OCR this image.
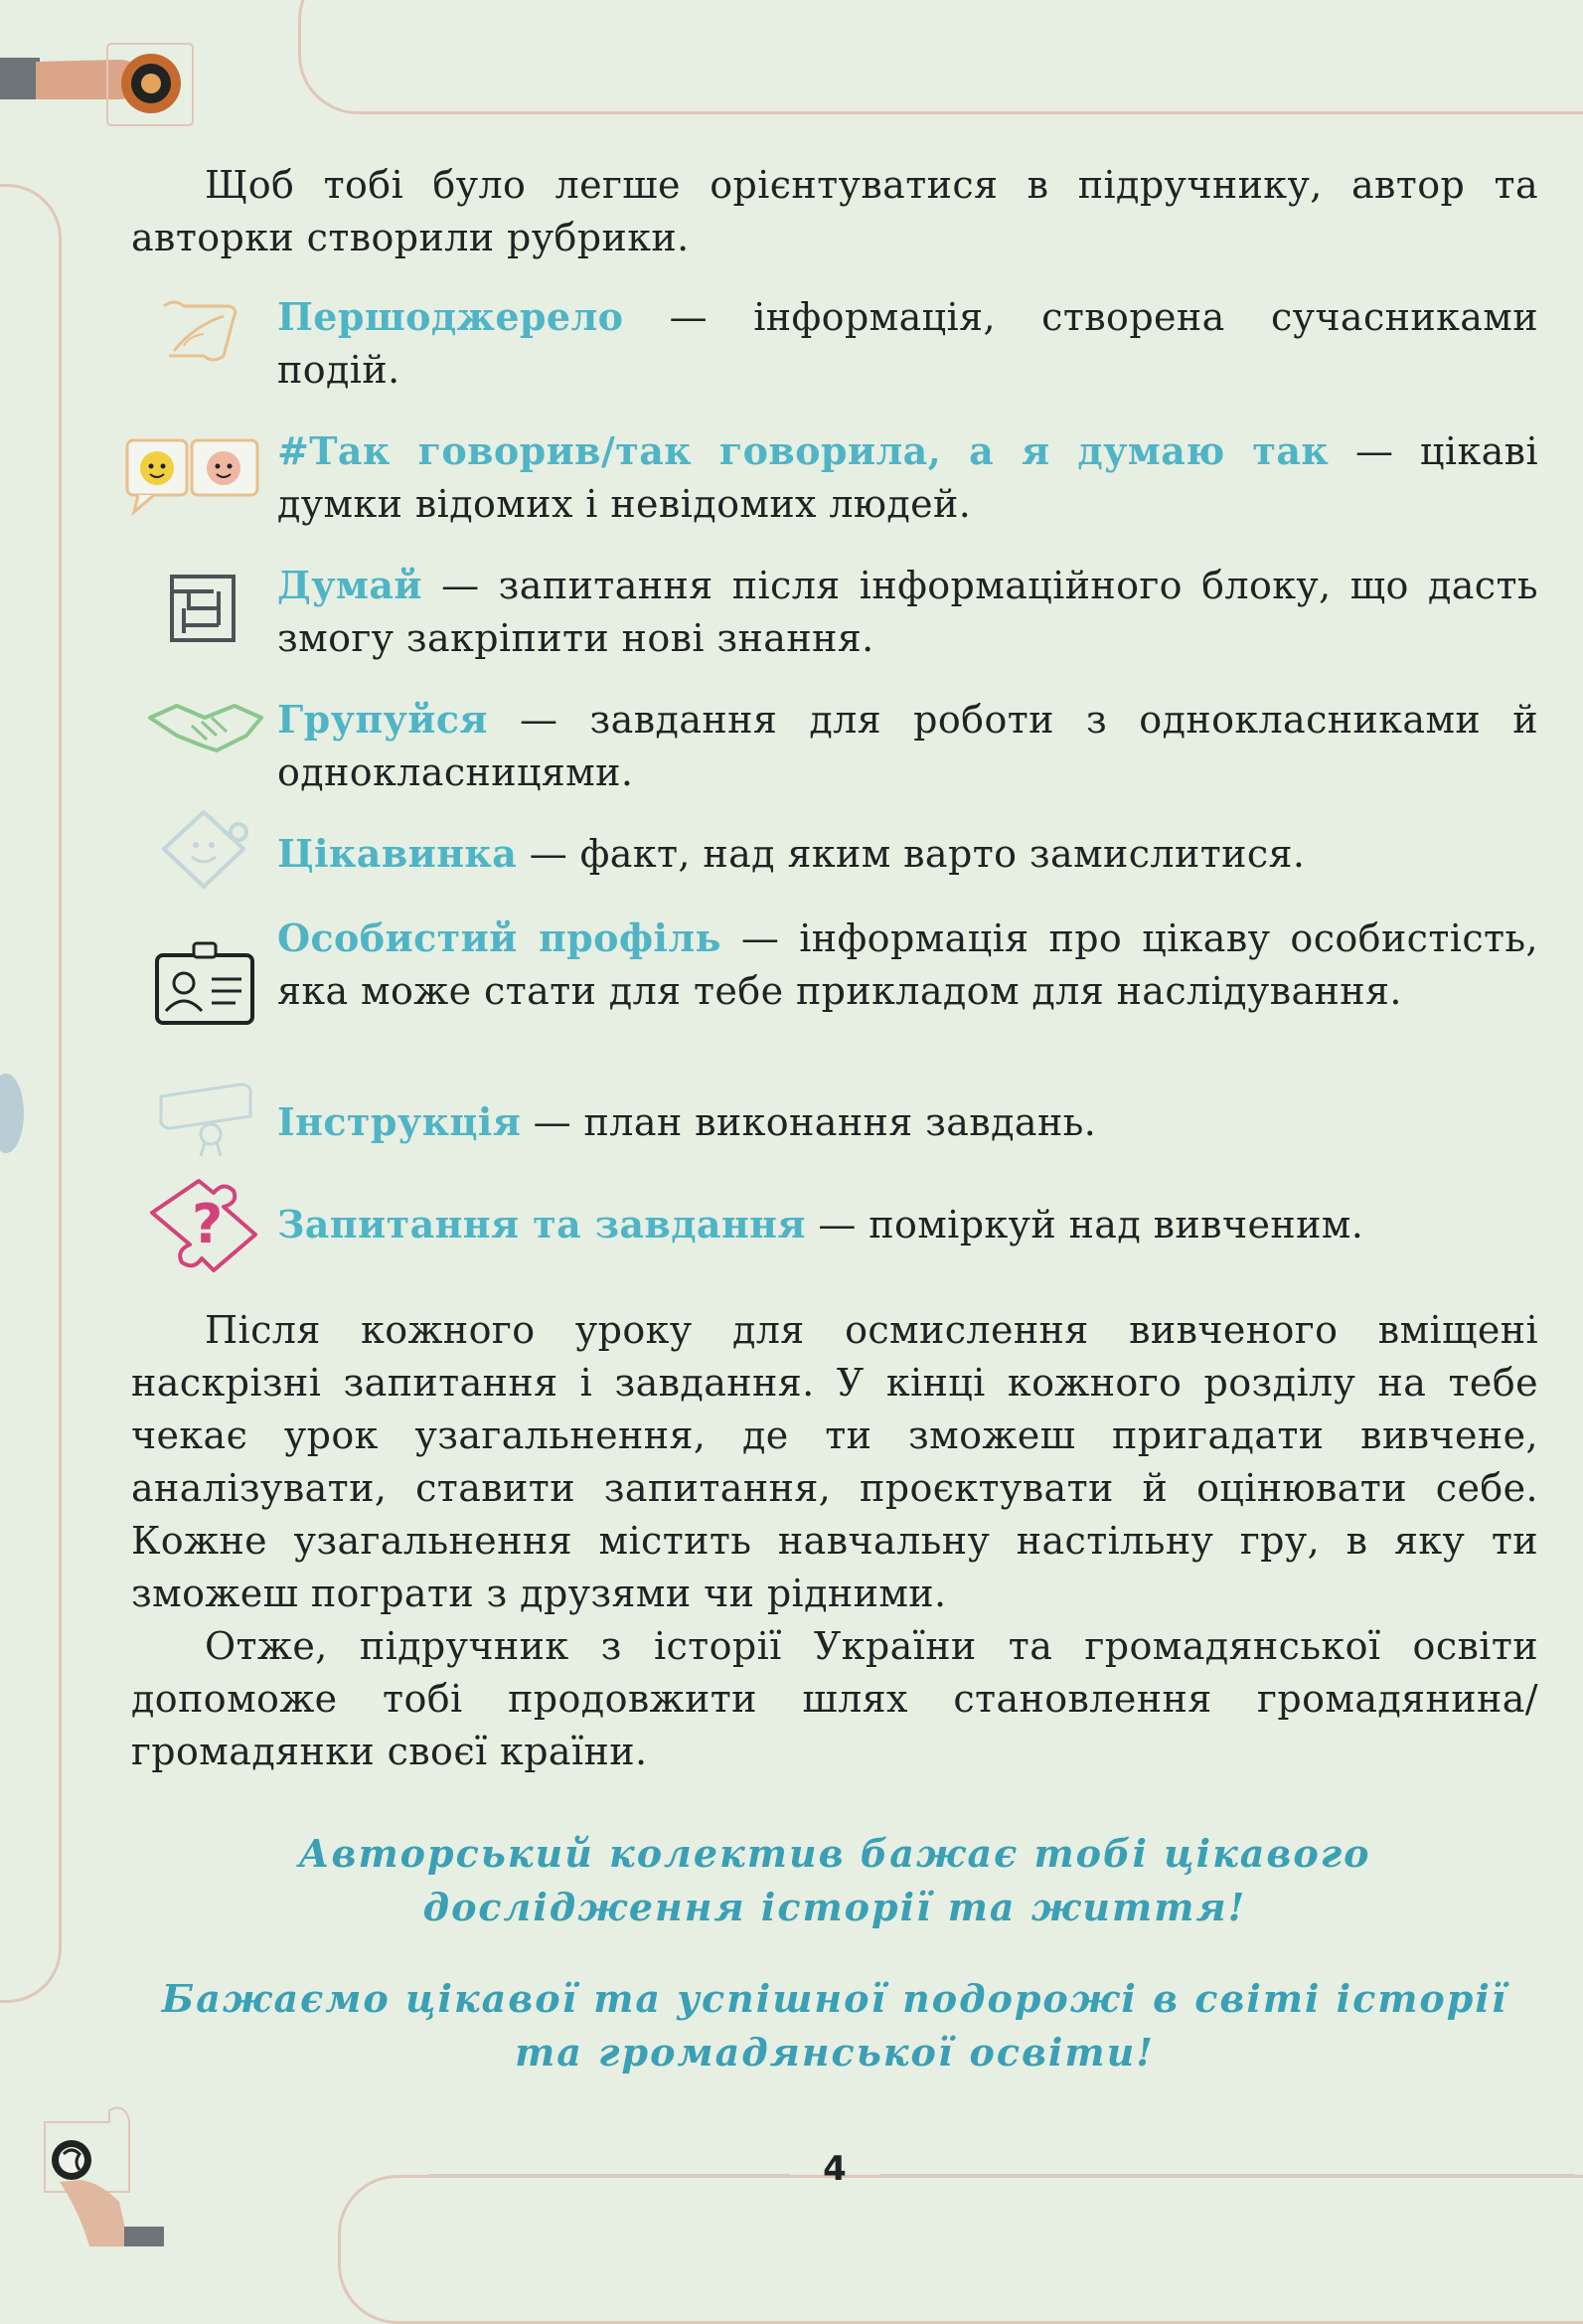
Щоб тобі було легше орієнтуватися в підручнику, автор та авторки створили рубрики.

Першоджерело — інформація, створена сучасниками подій.

#Так говорив/так говорила, а я думаю так — цікаві думки відомих і невідомих людей.

Думай — запитання після інформаційного блоку, що дасть змогу закріпити нові знання.

Групуйся — завдання для роботи з однокласниками й однокласницями.

Цікавинка — факт, над яким варто замислитися.

Особистий профіль — інформація про цікаву особистість, яка може стати для тебе прикладом для наслідування.

Інструкція — план виконання завдань.

? Запитання та завдання — поміркуй над вивченим.

Після кожного уроку для осмислення вивченого вміщені наскрізні запитання і завдання. У кінці кожного розділу на тебе чекає урок узагальнення, де ти зможеш пригадати вивчене, аналізувати, ставити запитання, проєктувати й оцінювати себе. Кожне узагальнення містить навчальну настільну гру, в яку ти зможеш пограти з друзями чи рідними.

Отже, підручник з історії України та громадянської освіти допоможе тобі продовжити шлях становлення громадянина/громадянки своєї країни.

Авторський колектив бажає тобі цікавого дослідження історії та життя!

Бажаємо цікавої та успішної подорожі в світі історії та громадянської освіти!

4
